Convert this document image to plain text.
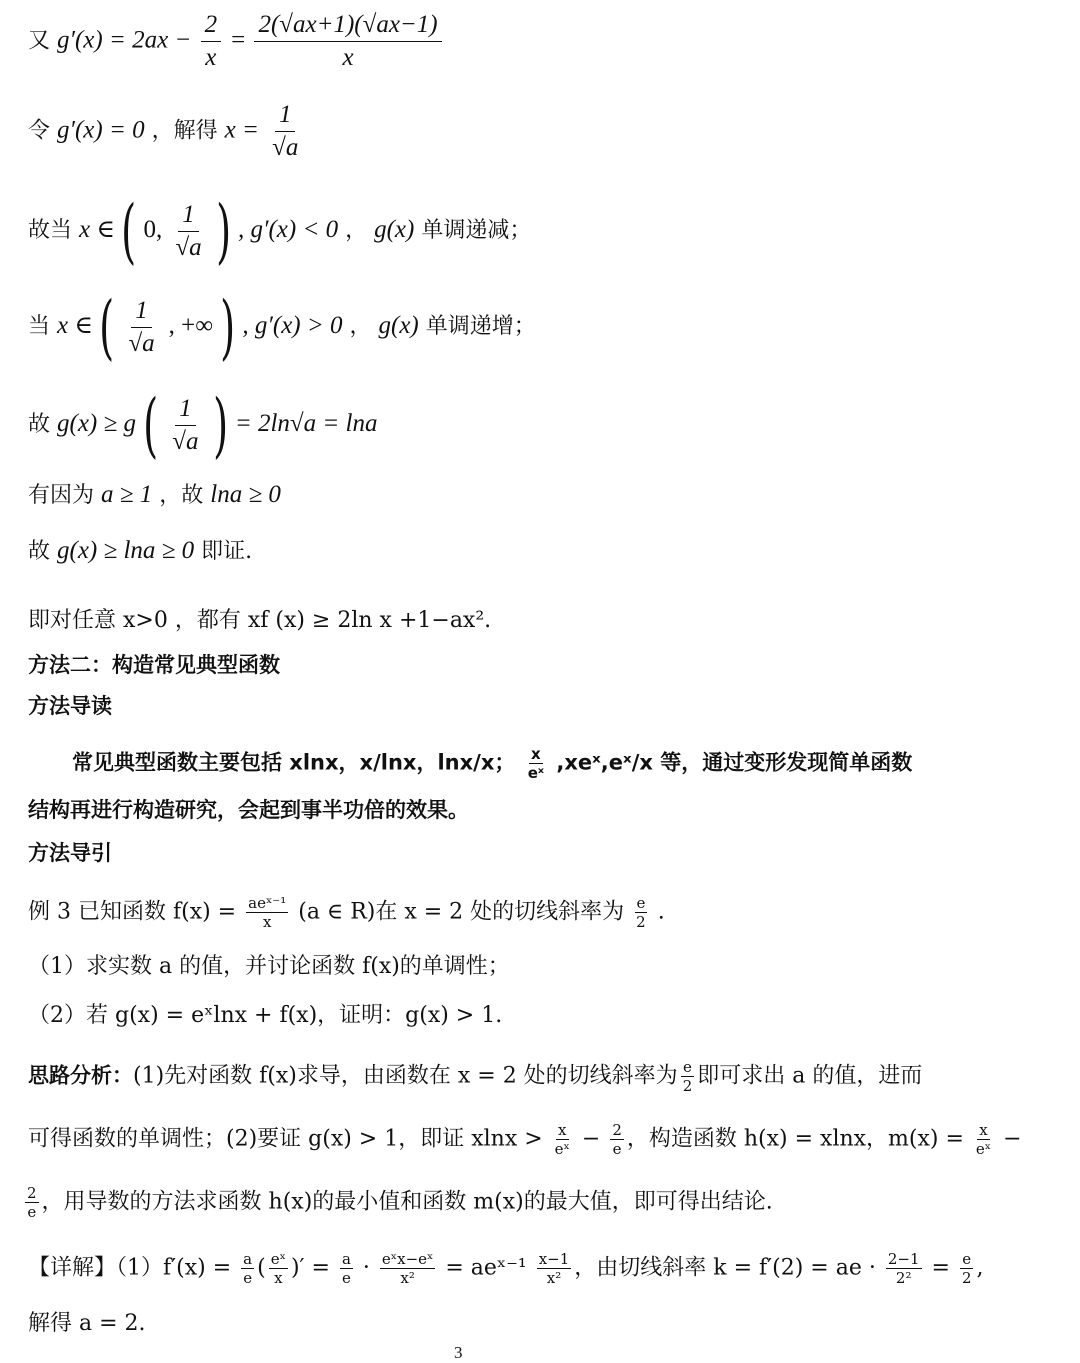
又 $g'(x) = 2ax - \frac{2}{x} = \frac{2(√ax+1)(√ax-1)}{x}$
令 g′(x) = 0 ，解得 $x = \frac{1}{√a}$
故当 x ∈ ( 0, $\frac{1}{√a}$ ) , g′(x) < 0 ， g(x) 单调递减；
当 x ∈ ( $\frac{1}{√a}$ , +∞ ) , g′(x) > 0 ， g(x) 单调递增；
故 g(x) ≥ g ( $\frac{1}{√a}$ ) = 2ln√a = lna
有因为 a ≥ 1 ，故 lna ≥ 0
故 g(x) ≥ lna ≥ 0 即证.
即对任意 x>0 ，都有 xf (x) ≥ 2ln x +1−ax².
方法二：构造常见典型函数
方法导读
常见典型函数主要包括 xlnx，x/lnx，lnx/x； $\frac{x}{\text{eˣ}}$ ,xeˣ,eˣ/x 等，通过变形发现简单函数
结构再进行构造研究，会起到事半功倍的效果。
方法导引
例 3 已知函数 $f(x) = \frac{\text{aeˣ⁻¹}}{x} (a$ ∈ R)在 x = 2 处的切线斜率为 $\frac{e}{2}$ .
（1）求实数 a 的值，并讨论函数 f(x)的单调性；
（2）若 g(x) = eˣlnx + f(x)，证明：g(x) > 1.
思路分析：(1)先对函数 f(x)求导，由函数在 x = 2 处的切线斜率为 $\frac{e}{2}$ 即可求出 a 的值，进而
可得函数的单调性；(2)要证 g(x) > 1，即证 $xlnx > \frac{x}{\text{eˣ}} - \frac{2}{e}$ ，构造函数 h(x) = xlnx，$m(x) = \frac{x}{\text{eˣ}}$ −
$\frac{2}{e}$ ，用导数的方法求函数 h(x)的最小值和函数 m(x)的最大值，即可得出结论.
【详解】$(1)f'(x) = \frac{a}{e}$ ( $\frac{\text{eˣ}}{x}$ )′ = $\frac{a}{e} \cdot \frac{\text{eˣx−eˣ}}{\text{x²}}$ = aeˣ⁻¹ $\frac{x-1}{\text{x²}}$ ，由切线斜率 k = f′(2) = ae · $\frac{2-1}{\text{2²}} = \frac{e}{2}$ ,
解得 a = 2.
3
